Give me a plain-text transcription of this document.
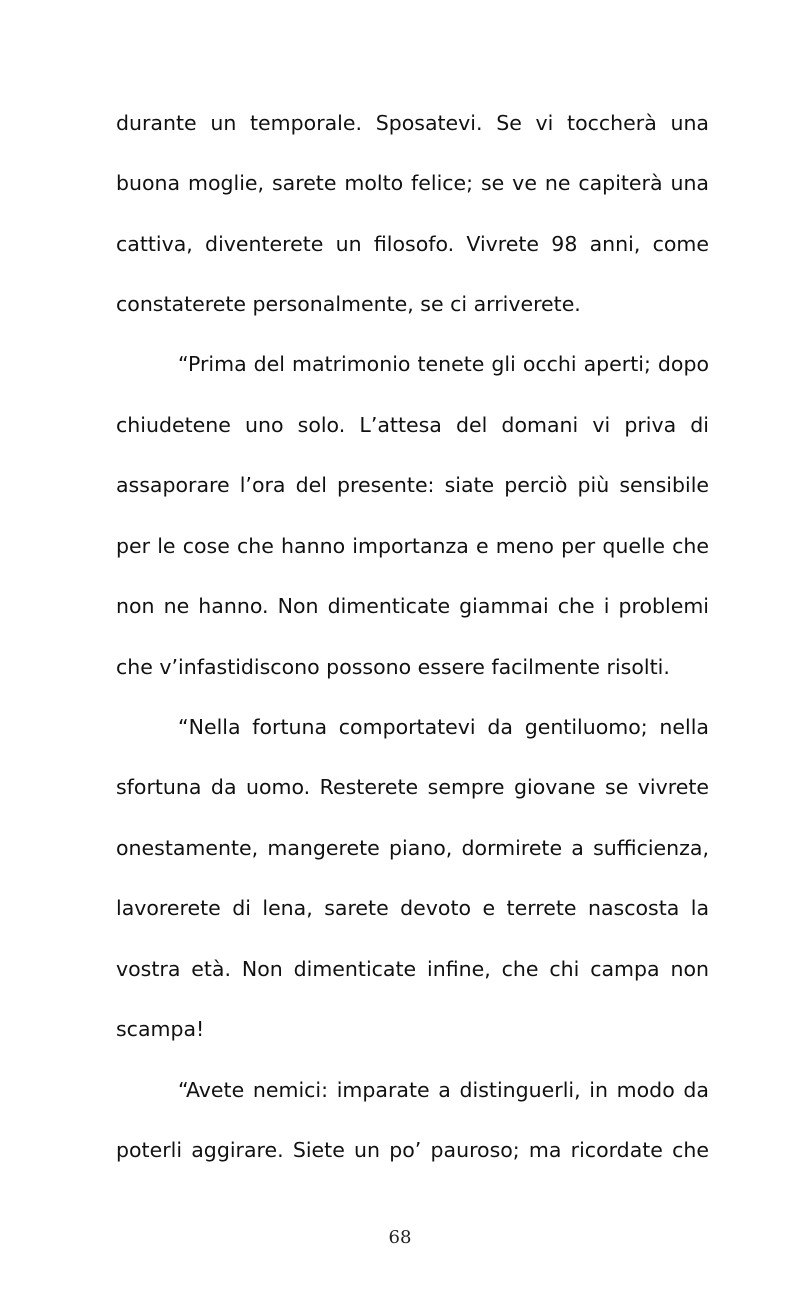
durante un temporale. Sposatevi. Se vi toccherà una
buona moglie, sarete molto felice; se ve ne capiterà una
cattiva, diventerete un filosofo. Vivrete 98 anni, come
constaterete personalmente, se ci arriverete.
“Prima del matrimonio tenete gli occhi aperti; dopo
chiudetene uno solo. L’attesa del domani vi priva di
assaporare l’ora del presente: siate perciò più sensibile
per le cose che hanno importanza e meno per quelle che
non ne hanno. Non dimenticate giammai che i problemi
che v’infastidiscono possono essere facilmente risolti.
“Nella fortuna comportatevi da gentiluomo; nella
sfortuna da uomo. Resterete sempre giovane se vivrete
onestamente, mangerete piano, dormirete a sufficienza,
lavorerete di lena, sarete devoto e terrete nascosta la
vostra età. Non dimenticate infine, che chi campa non
scampa!
“Avete nemici: imparate a distinguerli, in modo da
poterli aggirare. Siete un po’ pauroso; ma ricordate che
68
